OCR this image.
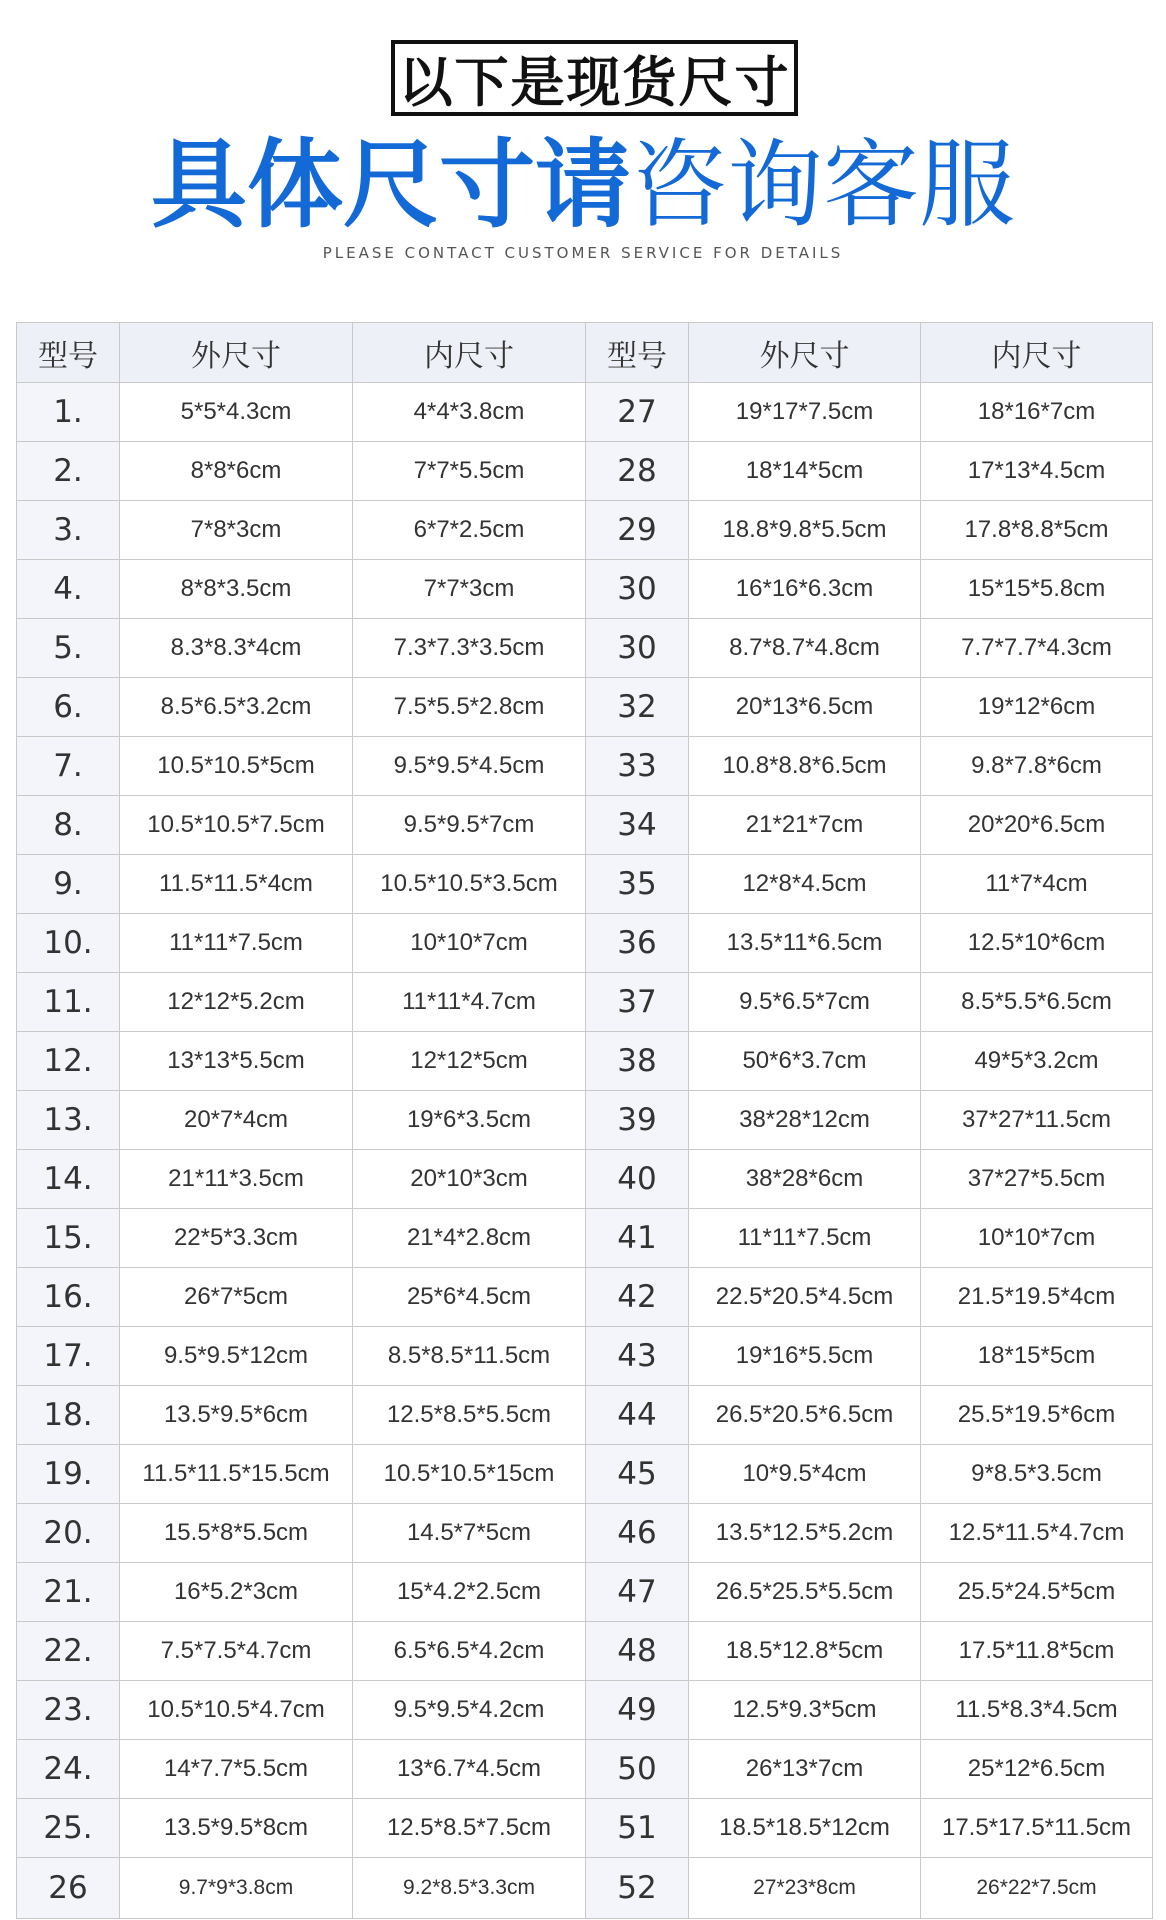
以下是现货尺寸
具体尺寸请 咨询客服
PLEASE CONTACT CUSTOMER SERVICE FOR DETAILS
型号	外尺寸	内尺寸	型号	外尺寸	内尺寸
1.	5*5*4.3cm	4*4*3.8cm	27	19*17*7.5cm	18*16*7cm
2.	8*8*6cm	7*7*5.5cm	28	18*14*5cm	17*13*4.5cm
3.	7*8*3cm	6*7*2.5cm	29	18.8*9.8*5.5cm	17.8*8.8*5cm
4.	8*8*3.5cm	7*7*3cm	30	16*16*6.3cm	15*15*5.8cm
5.	8.3*8.3*4cm	7.3*7.3*3.5cm	30	8.7*8.7*4.8cm	7.7*7.7*4.3cm
6.	8.5*6.5*3.2cm	7.5*5.5*2.8cm	32	20*13*6.5cm	19*12*6cm
7.	10.5*10.5*5cm	9.5*9.5*4.5cm	33	10.8*8.8*6.5cm	9.8*7.8*6cm
8.	10.5*10.5*7.5cm	9.5*9.5*7cm	34	21*21*7cm	20*20*6.5cm
9.	11.5*11.5*4cm	10.5*10.5*3.5cm	35	12*8*4.5cm	11*7*4cm
10.	11*11*7.5cm	10*10*7cm	36	13.5*11*6.5cm	12.5*10*6cm
11.	12*12*5.2cm	11*11*4.7cm	37	9.5*6.5*7cm	8.5*5.5*6.5cm
12.	13*13*5.5cm	12*12*5cm	38	50*6*3.7cm	49*5*3.2cm
13.	20*7*4cm	19*6*3.5cm	39	38*28*12cm	37*27*11.5cm
14.	21*11*3.5cm	20*10*3cm	40	38*28*6cm	37*27*5.5cm
15.	22*5*3.3cm	21*4*2.8cm	41	11*11*7.5cm	10*10*7cm
16.	26*7*5cm	25*6*4.5cm	42	22.5*20.5*4.5cm	21.5*19.5*4cm
17.	9.5*9.5*12cm	8.5*8.5*11.5cm	43	19*16*5.5cm	18*15*5cm
18.	13.5*9.5*6cm	12.5*8.5*5.5cm	44	26.5*20.5*6.5cm	25.5*19.5*6cm
19.	11.5*11.5*15.5cm	10.5*10.5*15cm	45	10*9.5*4cm	9*8.5*3.5cm
20.	15.5*8*5.5cm	14.5*7*5cm	46	13.5*12.5*5.2cm	12.5*11.5*4.7cm
21.	16*5.2*3cm	15*4.2*2.5cm	47	26.5*25.5*5.5cm	25.5*24.5*5cm
22.	7.5*7.5*4.7cm	6.5*6.5*4.2cm	48	18.5*12.8*5cm	17.5*11.8*5cm
23.	10.5*10.5*4.7cm	9.5*9.5*4.2cm	49	12.5*9.3*5cm	11.5*8.3*4.5cm
24.	14*7.7*5.5cm	13*6.7*4.5cm	50	26*13*7cm	25*12*6.5cm
25.	13.5*9.5*8cm	12.5*8.5*7.5cm	51	18.5*18.5*12cm	17.5*17.5*11.5cm
26	9.7*9*3.8cm	9.2*8.5*3.3cm	52	27*23*8cm	26*22*7.5cm
